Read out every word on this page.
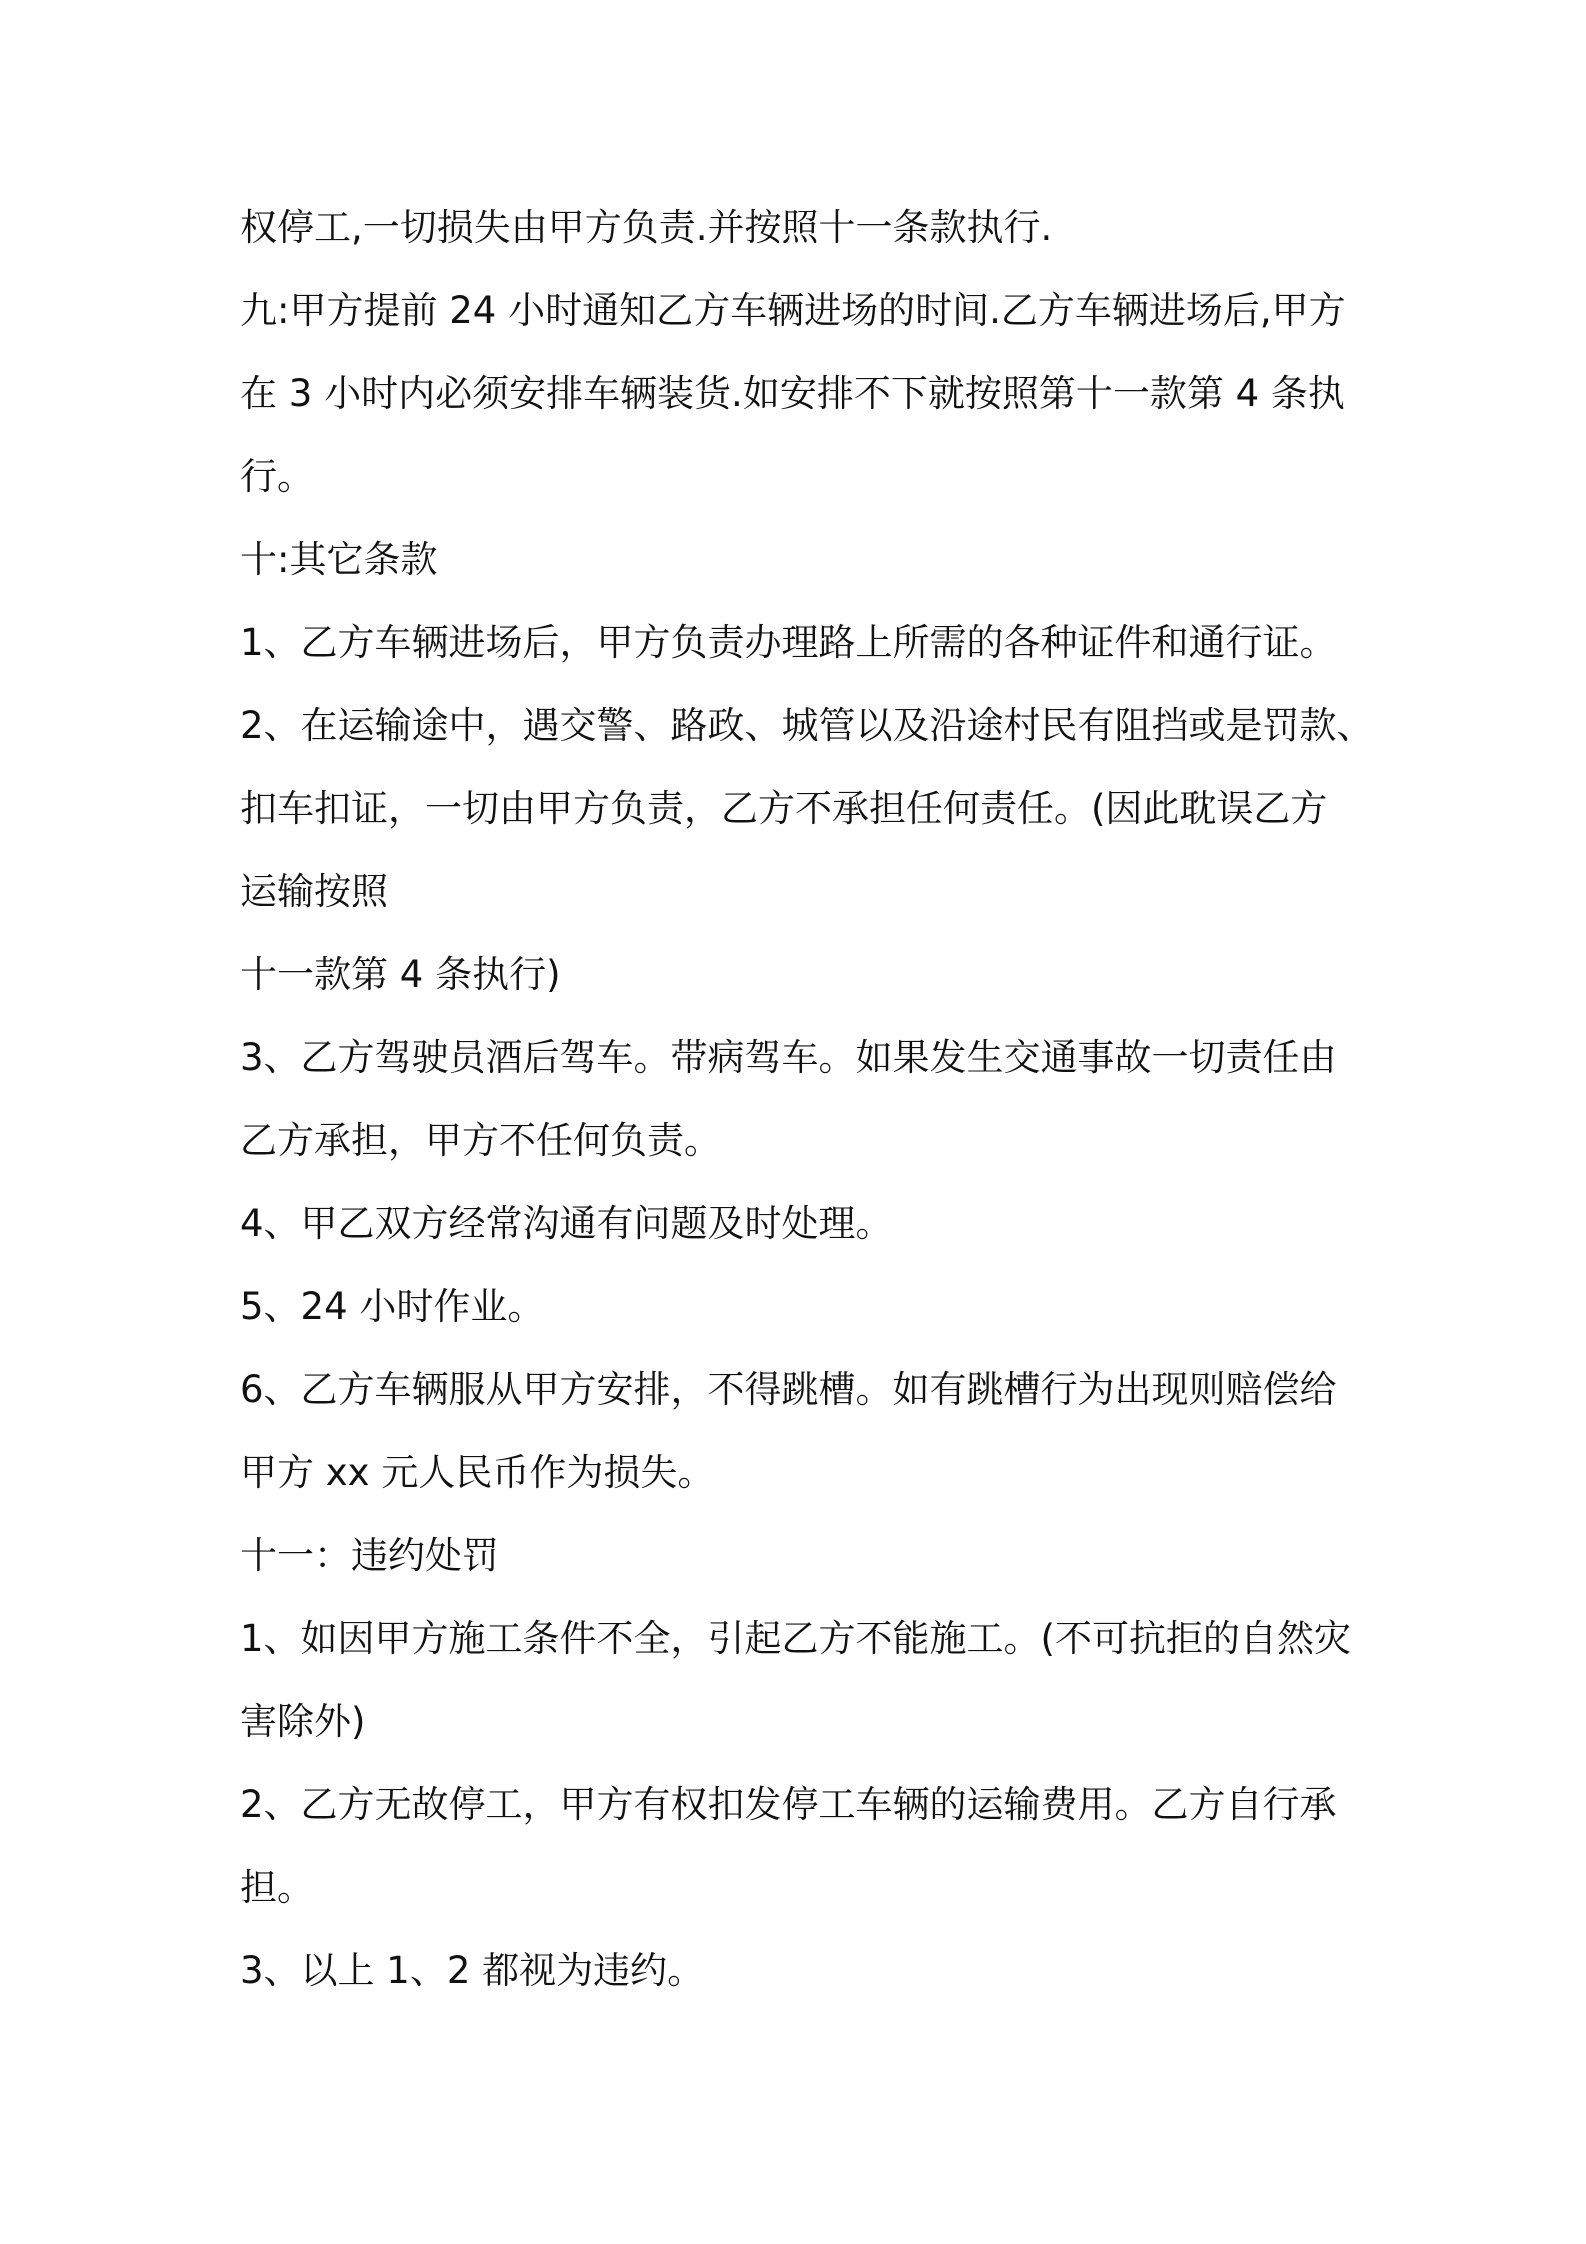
权停工,一切损失由甲方负责.并按照十一条款执行.

九:甲方提前 24 小时通知乙方车辆进场的时间.乙方车辆进场后,甲方

在 3 小时内必须安排车辆装货.如安排不下就按照第十一款第 4 条执

行。

十:其它条款

1、乙方车辆进场后，甲方负责办理路上所需的各种证件和通行证。

2、在运输途中，遇交警、路政、城管以及沿途村民有阻挡或是罚款、

扣车扣证，一切由甲方负责，乙方不承担任何责任。(因此耽误乙方

运输按照

十一款第 4 条执行)

3、乙方驾驶员酒后驾车。带病驾车。如果发生交通事故一切责任由

乙方承担，甲方不任何负责。

4、甲乙双方经常沟通有问题及时处理。

5、24 小时作业。

6、乙方车辆服从甲方安排，不得跳槽。如有跳槽行为出现则赔偿给

甲方 xx 元人民币作为损失。

十一：违约处罚

1、如因甲方施工条件不全，引起乙方不能施工。(不可抗拒的自然灾

害除外)

2、乙方无故停工，甲方有权扣发停工车辆的运输费用。乙方自行承

担。

3、以上 1、2 都视为违约。
